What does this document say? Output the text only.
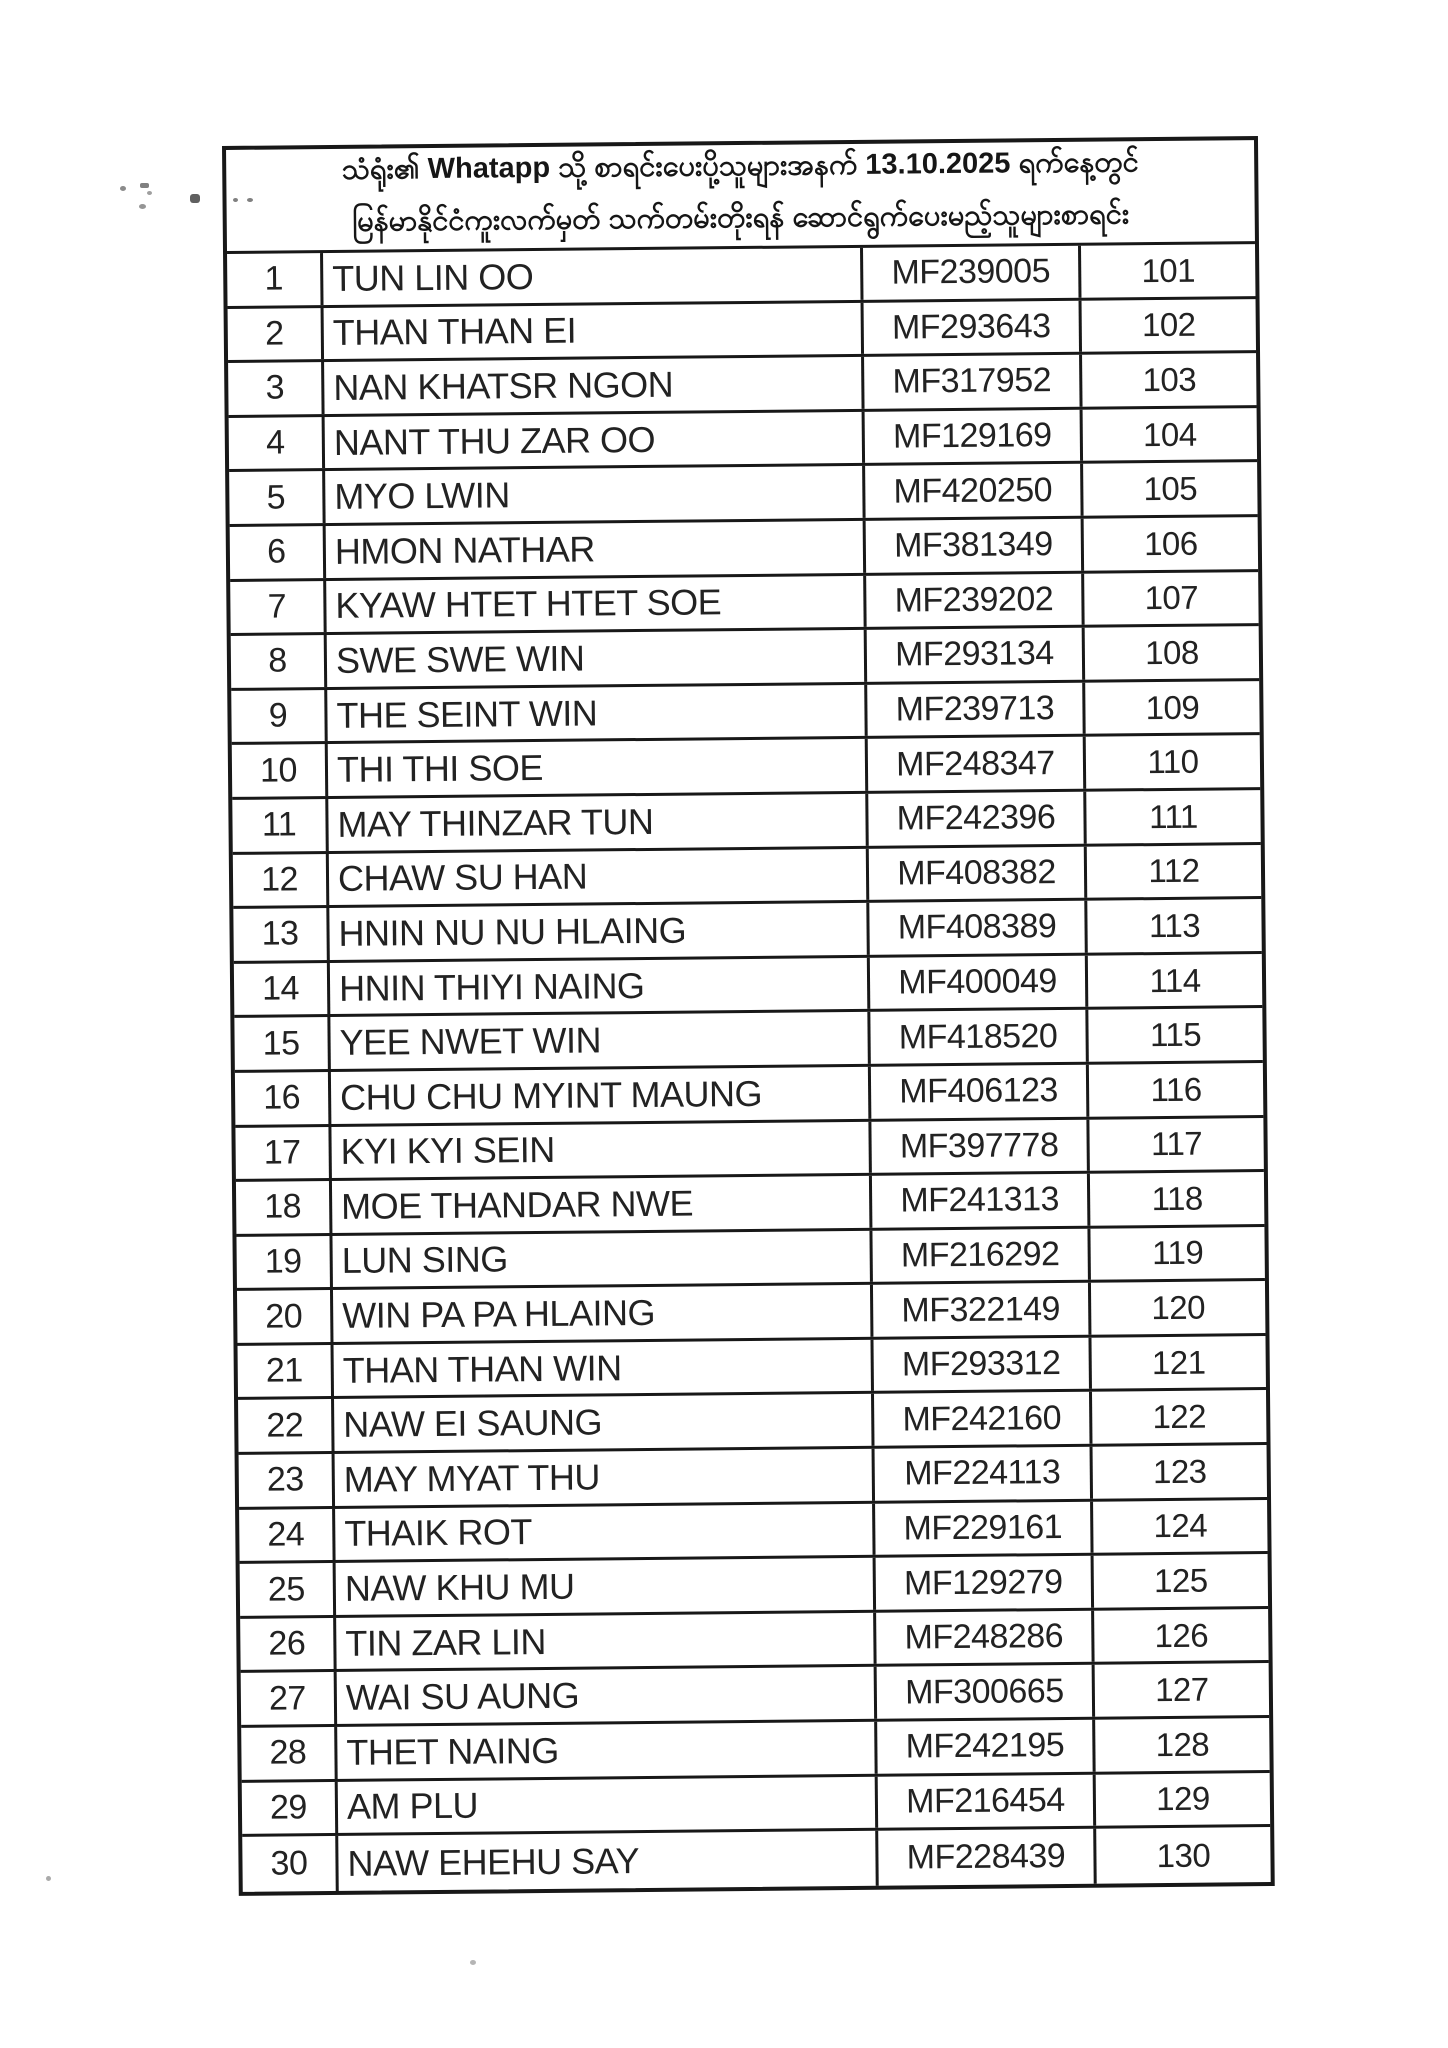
သံရုံး၏ Whatapp သို့ စာရင်းပေးပို့သူများအနက် 13.10.2025 ရက်နေ့တွင်
မြန်မာနိုင်ငံကူးလက်မှတ် သက်တမ်းတိုးရန် ဆောင်ရွက်ပေးမည့်သူများစာရင်း
1	TUN LIN OO	MF239005	101
2	THAN THAN EI	MF293643	102
3	NAN KHATSR NGON	MF317952	103
4	NANT THU ZAR OO	MF129169	104
5	MYO LWIN	MF420250	105
6	HMON NATHAR	MF381349	106
7	KYAW HTET HTET SOE	MF239202	107
8	SWE SWE WIN	MF293134	108
9	THE SEINT WIN	MF239713	109
10	THI THI SOE	MF248347	110
11	MAY THINZAR TUN	MF242396	111
12	CHAW SU HAN	MF408382	112
13	HNIN NU NU HLAING	MF408389	113
14	HNIN THIYI NAING	MF400049	114
15	YEE NWET WIN	MF418520	115
16	CHU CHU MYINT MAUNG	MF406123	116
17	KYI KYI SEIN	MF397778	117
18	MOE THANDAR NWE	MF241313	118
19	LUN SING	MF216292	119
20	WIN PA PA HLAING	MF322149	120
21	THAN THAN WIN	MF293312	121
22	NAW EI SAUNG	MF242160	122
23	MAY MYAT THU	MF224113	123
24	THAIK ROT	MF229161	124
25	NAW KHU MU	MF129279	125
26	TIN ZAR LIN	MF248286	126
27	WAI SU AUNG	MF300665	127
28	THET NAING	MF242195	128
29	AM PLU	MF216454	129
30	NAW EHEHU SAY	MF228439	130
